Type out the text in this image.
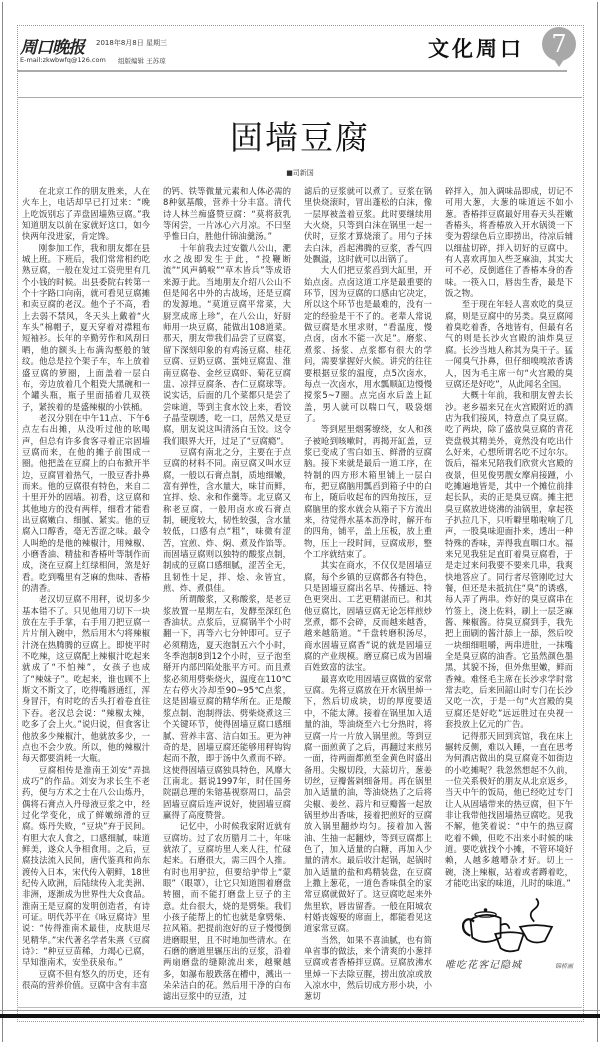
周口晚报 2018年8月8日 星期三
E-mail:zkwbwfq@126.com 组版编辑 王苏琼	文化周口	7
固墙豆腐
■司新国

在北京工作的朋友胜来，人在火车上，电话却早已打过来：“晚上吃饭别忘了弄盘固墙熟豆腐。”我知道朋友以前在家就好这口，如今快两年没进家，肯定馋。

刚参加工作，我和朋友都在县城上班。下班后，我们常常相约吃熟豆腐，一般在发过工资兜里有几个小钱的时候。出县委院右转第一个十字路口向南，就可看见豆腐摊和卖豆腐的老汉。他个子不高，看上去弱不禁风，冬天头上戴着“火车头”棉帽子，夏天穿着对襟粗布短袖衫。长年的辛勤劳作和风刮日晒，他的额头上布满沟壑般的皱纹。他总是拉个架子车，车上放着盛豆腐的箩圈，上面盖着一层白布，旁边放着几个粗瓷大黑碗和一个罐头瓶，瓶子里面插着几双筷子，紧挨着的是盛辣椒的小铁桶。

老汉分别在中午11点、下午6点左右出摊，从没听过他的吆喝声，但总有许多食客寻着正宗固墙豆腐而来，在他的摊子前围成一圈。他把盖在豆腐上的白布掀开半边，豆腐冒着热气，一股豆香扑鼻而来。他的豆腐很有特色，来自二十里开外的固墙。初看，这豆腐和其他地方的没有两样，细看才能看出豆腐嫩白、细腻、紧实。他的豆腐入口醇香，毫无苦涩之味。最令人叫绝的是他的辣椒汁，用辣椒、小磨香油、精盐和香椿叶等制作而成，浇在豆腐上红绿相间，煞是好看。吃到嘴里有芝麻的焦味、香椿的清香。

老汉切豆腐不用秤，说切多少基本错不了。只见他用刀切下一块放在左手手掌，右手用刀把豆腐一片片削入碗中，然后用木勺将辣椒汁浇在热腾腾的豆腐上。即使平时不吃辣，这豆腐配上辣椒汁吃起来就成了“不怕辣”，女孩子也成了“辣妹子”。吃起来，谁也顾不上斯文不斯文了，吃得嘴唇通红，浑身冒汗，有时吃的舌头打着卷直往下吞。老汉总会说：“辣椒太辣，吃多了会上火。”说归说，但食客让他放多少辣椒汁，他就放多少，一点也不会少放。所以，他的辣椒汁每天都要消耗一大瓶。

豆腐相传是淮南王刘安“弄拙成巧”的作品。刘安为求长生不老药，便与方术之士在八公山炼丹，偶将石膏点入丹母液豆浆之中，经过化学变化，成了鲜嫩绵滑的豆腐。炼丹失败，“豆块”弃于民间。有胆大农人食之，口感细腻，味道鲜美，遂众人争相食用。之后，豆腐技法流入民间，唐代鉴真和尚东渡传入日本，宋代传入朝鲜，18世纪传入欧洲，后陆续传入北美洲、非洲，逐渐成为世界性大众食品。淮南王是豆腐的发明创造者，有诗可证。明代苏平在《咏豆腐诗》里说：“传得淮南术最佳，皮肤退尽见精华。”宋代著名学者朱熹《豆腐诗》：“种豆豆苗稀，力竭心已腐，早知淮南术，安坐获泉布。”

豆腐不但有悠久的历史，还有很高的营养价值。豆腐中含有丰富

的钙、铁等微量元素和人体必需的8种氨基酸，营养十分丰富。清代诗人林兰痴盛赞豆腐：“莫将菽乳等闲尝，一片冰心六月凉。不曰坚乎惟曰白，胜他什锦油羹汤。”

十年前我去过安徽八公山，淝水之战即发生于此，“投鞭断流”“风声鹤唳”“草木皆兵”等成语来源于此。当地朋友介绍八公山不但是闻名中外的古战场，还是豆腐的发源地。“莫道豆腐平常菜，大厨烹成席上珍”，在八公山，好厨师用一块豆腐，能做出108道菜。那天，朋友带我们品尝了豆腐宴，留下深刻印象的有鸡汤豆腐、桂花豆腐、豆奶豆腐、蛋炖豆腐盅、淮南豆腐卷、金丝豆腐虾、菊花豆腐盅、凉拌豆腐条、杏仁豆腐球等。说实话，后面的几个菜都只是尝了尝味道，等到主食水饺上来，看饺子晶莹剔透，吃一口，居然又是豆腐，朋友说这叫清汤白玉饺。这令我们眼界大开，过足了“豆腐瘾”。

豆腐有南北之分，主要在于点豆腐的材料不同。南豆腐又叫水豆腐，一般以石膏点制，质地细嫩，富有弹性，含水量大，味甘而鲜，宜拌、烩、汆和作羹等。北豆腐又称老豆腐，一般用卤水或石膏点制，硬度较大，韧性较强，含水量较低，口感有点“粗”，味微有涩苦，宜煎、炸、焖、煮及作馅等。而固墙豆腐则以独特的酸浆点制，制成的豆腐口感细腻，涩苦全无，且韧性十足，拌、烩、汆皆宜，煎、炸、煮俱佳。

所谓酸浆，又称酸浆，是老豆浆放置一星期左右，发酵至深红色香油状。点浆后，豆腐锅半个小时翻一下，再等六七分钟即可。豆子必须精选，夏天泡制五六个小时，冬季泡制8到12个小时，豆子泡至掰开内部凹陷处胀平方可。而且煮浆必须用劈柴烧火，温度在110℃左右停火冷却至90~95℃点浆，这是固墙豆腐的精华所在。正是酸浆点制、泡制得法、劈柴烧煮这三个关键环节，使得固墙豆腐口感细腻、营养丰富、洁白如玉。更为神奇的是，固墙豆腐还能够用秤钩钩起而不散，即于汤中久煮而不碎。这使得固墙豆腐独具特色，风靡大江南北。据说1997年，时任国务院副总理的朱镕基视察周口，品尝固墙豆腐后连声说好，使固墙豆腐赢得了高度赞誉。

记忆中，小时候我家附近就有豆腐坊。过了农历腊月二十，年味就浓了，豆腐坊里人来人往，忙碌起来。石磨很大，需三四个人推。有时也用驴拉，但要给驴带上“蒙眼”（眼罩），让它只知道围着磨盘转圈，而不能打磨盘上豆子的主意。灶台很大，烧的是劈柴。我们小孩子能帮上的忙也就是拿劈柴、拉风箱。把提前泡好的豆子慢慢倒进磨眼里，且不时地加些清水。在石磨的磨道里辗压出的豆浆，沿着两扇磨盘的缝隙流出来，越聚越多，如瀑布般跌落在槽中，溅出一朵朵洁白的花。然后用干净的白布滤出豆浆中的豆渣，过

滤后的豆浆就可以煮了。豆浆在锅里快烧滚时，冒出蓬松的白沫，像一层厚被盖着豆浆。此时要继续用大火烧，只等到白沫在锅里一起一伏时，豆浆才算烧滚了。用勺子抹去白沫，舀起沸腾的豆浆，香气四处飘溢，这时就可以出锅了。

大人们把豆浆舀到大缸里，开始点卤。点卤这道工序是最重要的环节，因为豆腐的口感由它决定，所以这个环节也是最难的，没有一定的经验是干不了的。老辈人常说做豆腐是水里求财，“看温度，慢点卤，卤水不能一次足”。磨浆、煮浆、扬浆、点浆都有很大的学问，需要掌握好火候。讲究的往往要根据豆浆的温度，点5次卤水，每点一次卤水，用水瓢顺缸边慢慢搅浆5~7圈。点完卤水后盖上缸盖，男人就可以喘口气，吸袋烟了。

等到屋里烟雾缭绕，女人和孩子被呛到咳嗽时，再揭开缸盖，豆浆已变成了雪白如玉、鲜滑的豆腐脑。接下来就是最后一道工序，在特制的四方形木箱里铺上一层白布，把豆腐脑用瓢舀到箱子中的白布上，随后收起布的四角按压，豆腐脑里的浆水就会从箱子下方流出来，待觉得水基本沥净时，解开布的四角，铺平，盖上压板，放上重物，压上一段时间，豆腐成形，整个工序就结束了。

其实在商水，不仅仅是固墙豆腐，每个乡镇的豆腐都各有特色，只是固墙豆腐出名早、传播远、特色更突出、工艺更精湛而已。和其他豆腐比，固墙豆腐无论怎样煎炒烹煮，都不会碎，反而越来越香，越来越筋道。“千盘转磨积汤尽，商水固墙豆腐香”说的就是固墙豆腐的产业规模。磨豆腐已成为固墙百姓致富的法宝。

最喜欢吃用固墙豆腐做的家常豆腐。先将豆腐放在开水锅里焯一下，然后切成块，切的厚度要适中，不能太薄。接着在锅里加入适量的油，等油烧至六七分热时，将豆腐一片一片放入锅里煎。等到豆腐一面煎黄了之后，再翻过来煎另一面，待两面都煎至金黄色时盛出备用。尖椒切段，大蒜切片，葱姜切丝，豆瓣酱剁细备用。再在锅里加入适量的油，等油烧热了之后将尖椒、姜丝、蒜片和豆瓣酱一起放锅里炒出香味，接着把煎好的豆腐放入锅里翻炒均匀。接着加入酱油、生抽一起翻炒，等到豆腐都上色了，加入适量的白糖，再加入少量的清水。最后收汁起锅，起锅时加入适量的盐和鸡精装盘，在豆腐上撒上葱花，一道色香味俱全的家常豆腐就做好了。这豆腐吃起来外焦里软，唇齿留香。一般在阳城农村婚丧嫁娶的席面上，都能看见这道家常豆腐。

当然，如果不喜油腻，也有简单省事的做法，来个清爽的小葱拌豆腐或者香椿拌豆腐。豆腐放沸水里焯一下去除豆腥，捞出放凉或放入凉水中，然后切成方形小块，小葱切

碎拌入，加入调味品即成，切记不可用大葱，大葱的味道远不如小葱。香椿拌豆腐最好用春天头茬嫩香椿头，将香椿放入开水锅烫一下变为碧绿色后立即捞出，待凉后辅以细盐切碎，拌入切好的豆腐中。有人喜欢再加入些芝麻油，其实大可不必，反倒遮住了香椿本身的香味。一筷入口，唇齿生香，最是下饭之物。

至于现在年轻人喜欢吃的臭豆腐，则是豆腐中的另类。臭豆腐闻着臭吃着香，各地皆有，但最有名气的则是长沙火宫殿的油炸臭豆腐。长沙当地人称其为臭干子。猛一闻臭气扑鼻，但仔细嗅嗅浓香诱人，因为毛主席一句“火宫殿的臭豆腐还是好吃”，从此闻名全国。

大概十年前，我和朋友曾去长沙。老乡福来兄在火宫殿附近的酒店为我们接风，特意点了臭豆腐。吃了两块，除了盛放臭豆腐的青花瓷盘极其精美外，竟然没有吃出什么好来，心想所谓名吃不过尔尔。饭后，福来兄陪我们欣赏火宫殿的夜景，但见俊男靓女摩肩接踵，小吃摊遍地皆是，其中一个摊位前排起长队，卖的正是臭豆腐。摊主把臭豆腐放进烧沸的油锅里，拿起筷子扒拉几下，只听噼里啪啦响了几声，一股臭味迎面扑来，透出一种特殊的香味，弄得我直咽口水。福来兄见我驻足直盯着臭豆腐看，于是走过来问我要不要来几串，我爽快地答应了。同行者尽管刚吃过大餐，但还是未抵抗住“臭”的诱惑，每人弄了两串。炸好的臭豆腐串在竹签上，浇上佐料，刷上一层芝麻酱、辣椒酱。待臭豆腐到手，我先把上面刷的酱汁舔上一舔，然后咬一块细细咀嚼，两串进肚，一抹嘴全是臭豆腐的油香。它虽然颜色墨黑，其貌不扬，但外焦里嫩，鲜而香辣。难怪毛主席在长沙求学时常常去吃，后来回韶山时专门在长沙又吃一次，于是一句“火宫殿的臭豆腐还是好吃”远远胜过在央视一套投放上亿元的广告。

记得那天回到宾馆，我在床上辗转反侧，难以入睡，一直在思考为何酒店做出的臭豆腐竟不如街边的小吃摊呢？我忽然想起不久前，一位关系极好的朋友从北京返乡，当天中午的饭局，他已经吃过专门让人从固墙带来的热豆腐，但下午非让我带他找固墙热豆腐吃。见我不解，他笑着说：“中午的热豆腐吃着不赖，但吃不出来小时候的味道。要吃就找个小摊，不管环境好赖，人越多越嘈杂才好。切上一碗，浇上辣椒，站着或者蹲着吃，才能吃出家的味道，儿时的味道。”

唯吃花客记隐城	锦桥画
